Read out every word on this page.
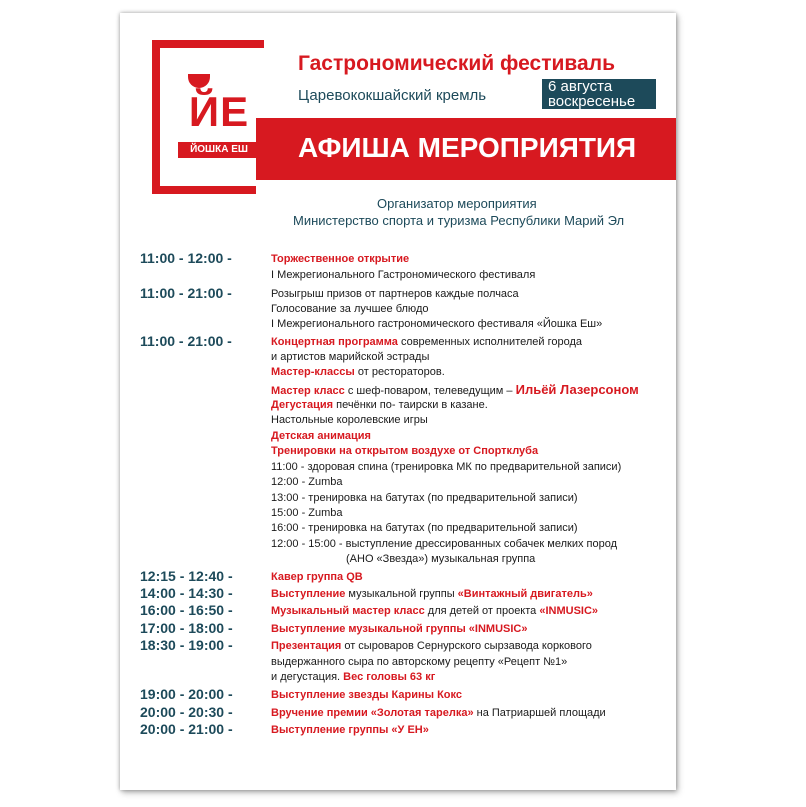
ЙЕ
ЙОШКА ЕШ
Гастрономический фестиваль
Царевококшайский кремль
6 августа
воскресенье
АФИША МЕРОПРИЯТИЯ
Организатор мероприятия
Министерство спорта и туризма Республики Марий Эл
11:00 - 12:00 -	Торжественное открытие
I Межрегионального Гастрономического фестиваля
11:00 - 21:00 -	Розыгрыш призов от партнеров каждые полчаса
Голосование за лучшее блюдо
I Межрегионального гастрономического фестиваля «Йошка Еш»
11:00 - 21:00 -	Концертная программа современных исполнителей города
и артистов марийской эстрады
Мастер-классы от рестораторов.
Мастер класс с шеф-поваром, телеведущим – Ильёй Лазерсоном
Дегустация печёнки по- таирски в казане.
Настольные королевские игры
Детская анимация
Тренировки на открытом воздухе от Спортклуба
11:00 - здоровая спина (тренировка МК по предварительной записи)
12:00 - Zumba
13:00 - тренировка на батутах (по предварительной записи)
15:00 - Zumba
16:00 - тренировка на батутах (по предварительной записи)
12:00 - 15:00 - выступление дрессированных собачек мелких пород
(АНО «Звезда») музыкальная группа
12:15 - 12:40 -	Кавер группа QB
14:00 - 14:30 -	Выступление музыкальной группы «Винтажный двигатель»
16:00 - 16:50 -	Музыкальный мастер класс для детей от проекта «INMUSIC»
17:00 - 18:00 -	Выступление музыкальной группы «INMUSIC»
18:30 - 19:00 -	Презентация от сыроваров Сернурского сырзавода коркового
выдержанного сыра по авторскому рецепту «Рецепт №1»
и дегустация. Вес головы 63 кг
19:00 - 20:00 -	Выступление звезды Карины Кокс
20:00 - 20:30 -	Вручение премии «Золотая тарелка» на Патриаршей площади
20:00 - 21:00 -	Выступление группы «У ЕН»
